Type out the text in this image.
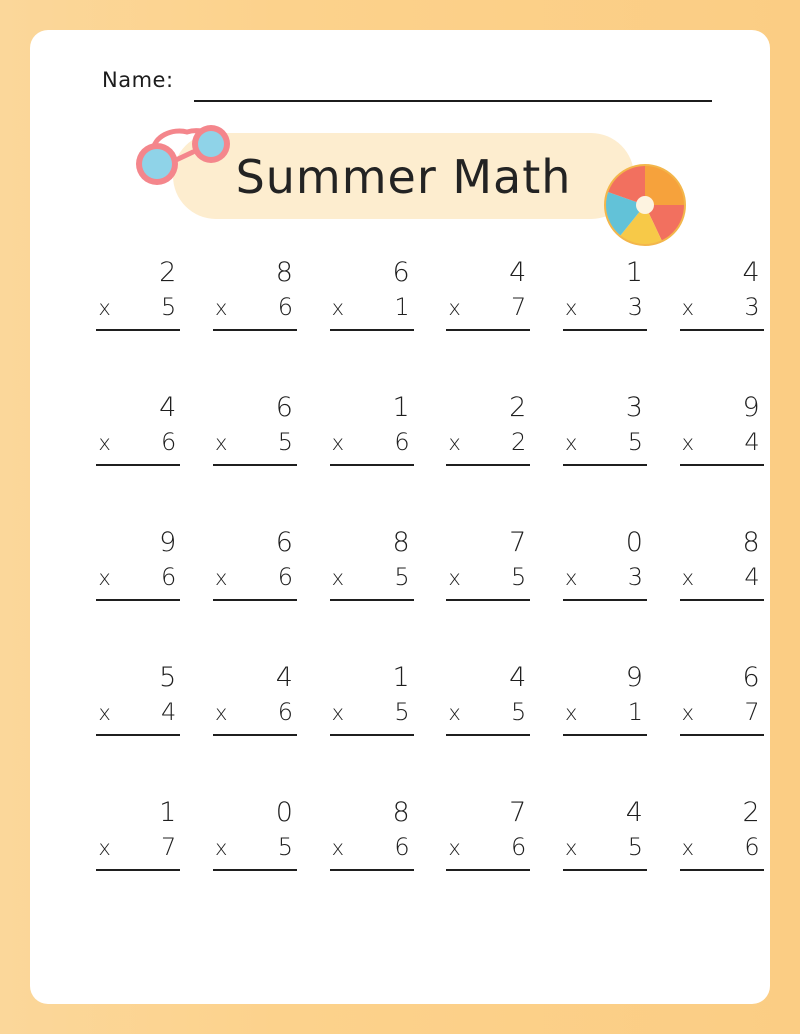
Name:
2
x 5
8
x 6
6
x 1
4
x 7
1
x 3
4
x 3
4
x 6
6
x 5
1
x 6
2
x 2
3
x 5
9
x 4
9
x 6
6
x 6
8
x 5
7
x 5
0
x 3
8
x 4
5
x 4
4
x 6
1
x 5
4
x 5
9
x 1
6
x 7
1
x 7
0
x 5
8
x 6
7
x 6
4
x 5
2
x 6
Summer Math
